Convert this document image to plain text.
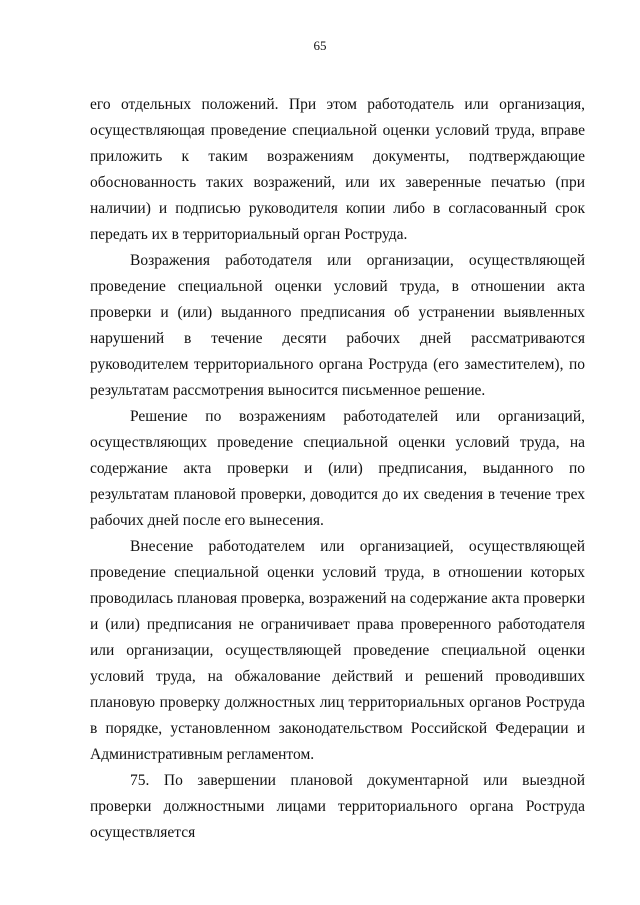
65

его отдельных положений. При этом работодатель или организация, осуществляющая проведение специальной оценки условий труда, вправе приложить к таким возражениям документы, подтверждающие обоснованность таких возражений, или их заверенные печатью (при наличии) и подписью руководителя копии либо в согласованный срок передать их в территориальный орган Роструда.

Возражения работодателя или организации, осуществляющей проведение специальной оценки условий труда, в отношении акта проверки и (или) выданного предписания об устранении выявленных нарушений в течение десяти рабочих дней рассматриваются руководителем территориального органа Роструда (его заместителем), по результатам рассмотрения выносится письменное решение.

Решение по возражениям работодателей или организаций, осуществляющих проведение специальной оценки условий труда, на содержание акта проверки и (или) предписания, выданного по результатам плановой проверки, доводится до их сведения в течение трех рабочих дней после его вынесения.

Внесение работодателем или организацией, осуществляющей проведение специальной оценки условий труда, в отношении которых проводилась плановая проверка, возражений на содержание акта проверки и (или) предписания не ограничивает права проверенного работодателя или организации, осуществляющей проведение специальной оценки условий труда, на обжалование действий и решений проводивших плановую проверку должностных лиц территориальных органов Роструда в порядке, установленном законодательством Российской Федерации и Административным регламентом.

75. По завершении плановой документарной или выездной проверки должностными лицами территориального органа Роструда осуществляется
